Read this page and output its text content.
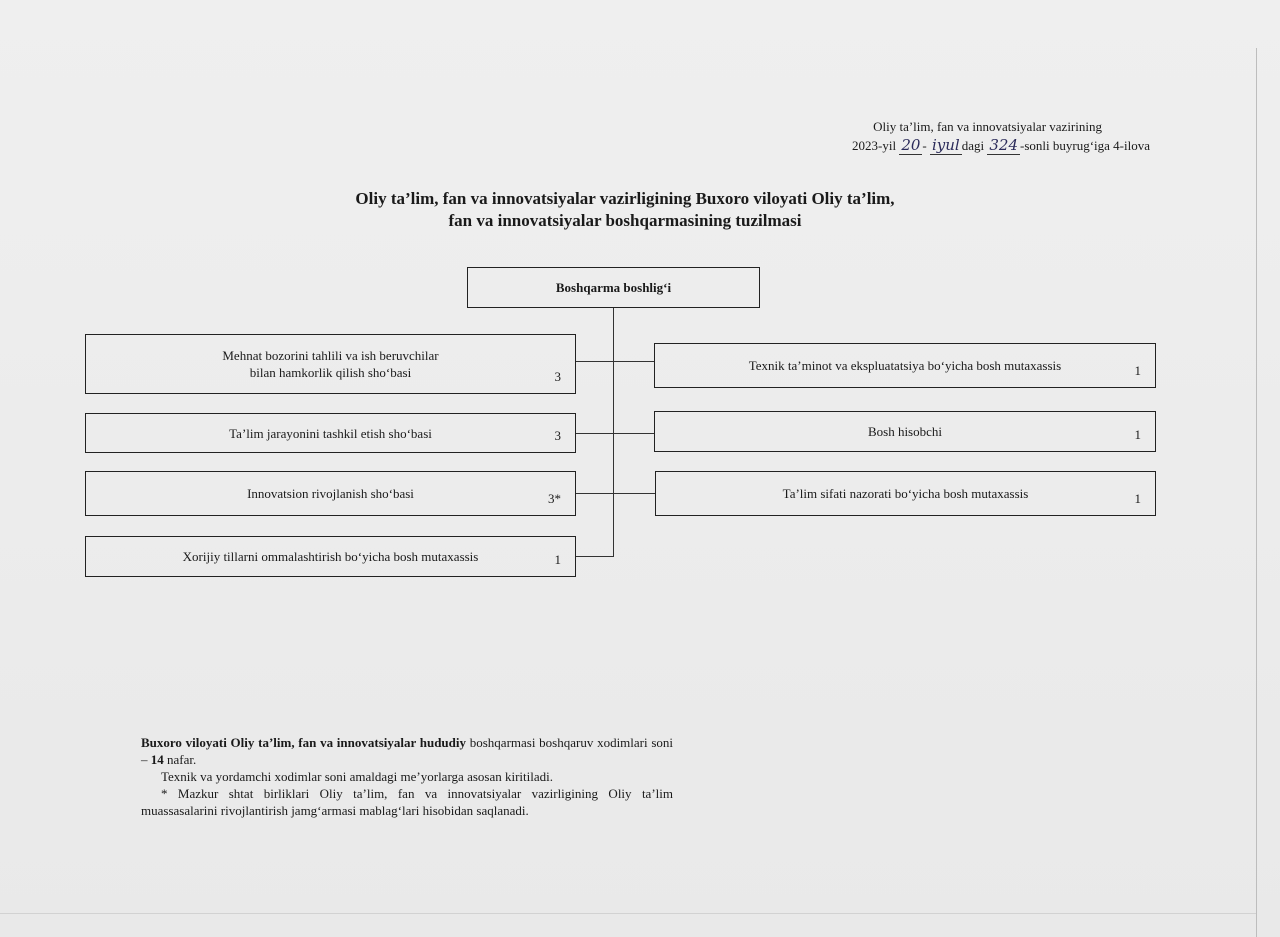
Oliy ta’lim, fan va innovatsiyalar vazirining
2023-yil 20 - iyul dagi 324 -sonli buyrug‘iga 4-ilova
Oliy ta’lim, fan va innovatsiyalar vazirligining Buxoro viloyati Oliy ta’lim,
fan va innovatsiyalar boshqarmasining tuzilmasi
Boshqarma boshlig‘i
Mehnat bozorini tahlili va ish beruvchilar
bilan hamkorlik qilish sho‘basi	3
Ta’lim jarayonini tashkil etish sho‘basi	3
Innovatsion rivojlanish sho‘basi	3*
Xorijiy tillarni ommalashtirish bo‘yicha bosh mutaxassis	1
Texnik ta’minot va ekspluatatsiya bo‘yicha bosh mutaxassis	1
Bosh hisobchi	1
Ta’lim sifati nazorati bo‘yicha bosh mutaxassis	1

Buxoro viloyati Oliy ta’lim, fan va innovatsiyalar hududiy boshqarmasi boshqaruv xodimlari soni – 14 nafar.

Texnik va yordamchi xodimlar soni amaldagi me’yorlarga asosan kiritiladi.

* Mazkur shtat birliklari Oliy ta’lim, fan va innovatsiyalar vazirligining Oliy ta’lim muassasalarini rivojlantirish jamg‘armasi mablag‘lari hisobidan saqlanadi.
